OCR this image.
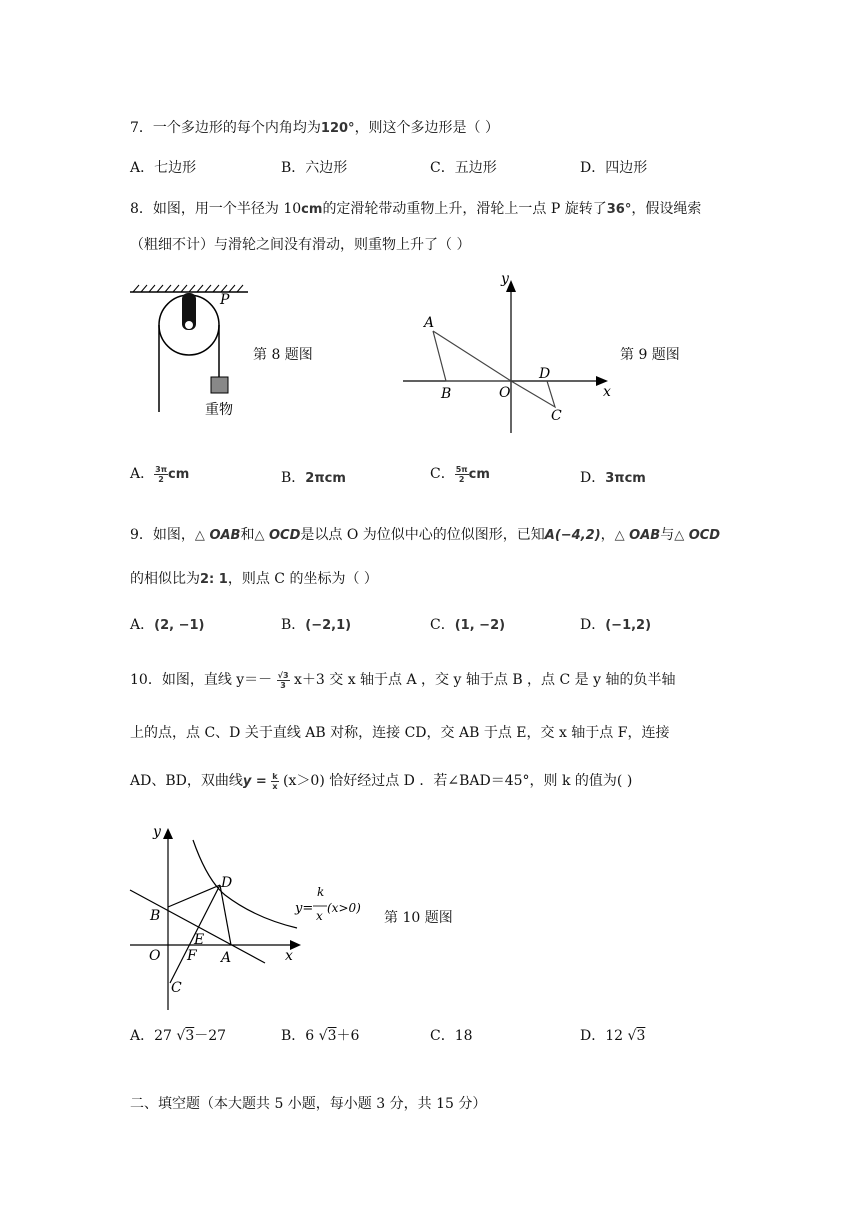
7．一个多边形的每个内角均为120°，则这个多边形是（ ）
A．七边形	B．六边形	C．五边形	D．四边形
8．如图，用一个半径为 10cm的定滑轮带动重物上升，滑轮上一点 P 旋转了36°，假设绳索
（粗细不计）与滑轮之间没有滑动，则重物上升了（ ）
P
重物
第 8 题图
y
x
A
B	O
D
C
第 9 题图
A． $\frac{3\pi}{2}$ cm	B．2πcm	C． $\frac{5\pi}{2}$ cm	D．3πcm
9．如图，△ OAB和△ OCD是以点 O 为位似中心的位似图形，已知A(−4,2)，△ OAB与△ OCD
的相似比为2: 1，则点 C 的坐标为（ ）
A．(2, −1)	B．(−2,1)	C．(1, −2)	D．(−1,2)
10．如图，直线 $y=- \frac{√3}{3} x+3$ 交 x 轴于点 A ，交 y 轴于点 B ，点 C 是 y 轴的负半轴
上的点，点 C、D 关于直线 AB 对称，连接 CD，交 AB 于点 E，交 x 轴于点 F，连接
AD、BD，双曲线$y = \frac{k}{x} (x>0)$ 恰好经过点 D ．若∠BAD＝45°，则 k 的值为( )
y
x
O
B
D
E
F A
C
y=
k
x
(x>0)
第 10 题图
A．27 √3－27	B．6 √3＋6	C．18	D．12 √3
二、填空题（本大题共 5 小题，每小题 3 分，共 15 分）
